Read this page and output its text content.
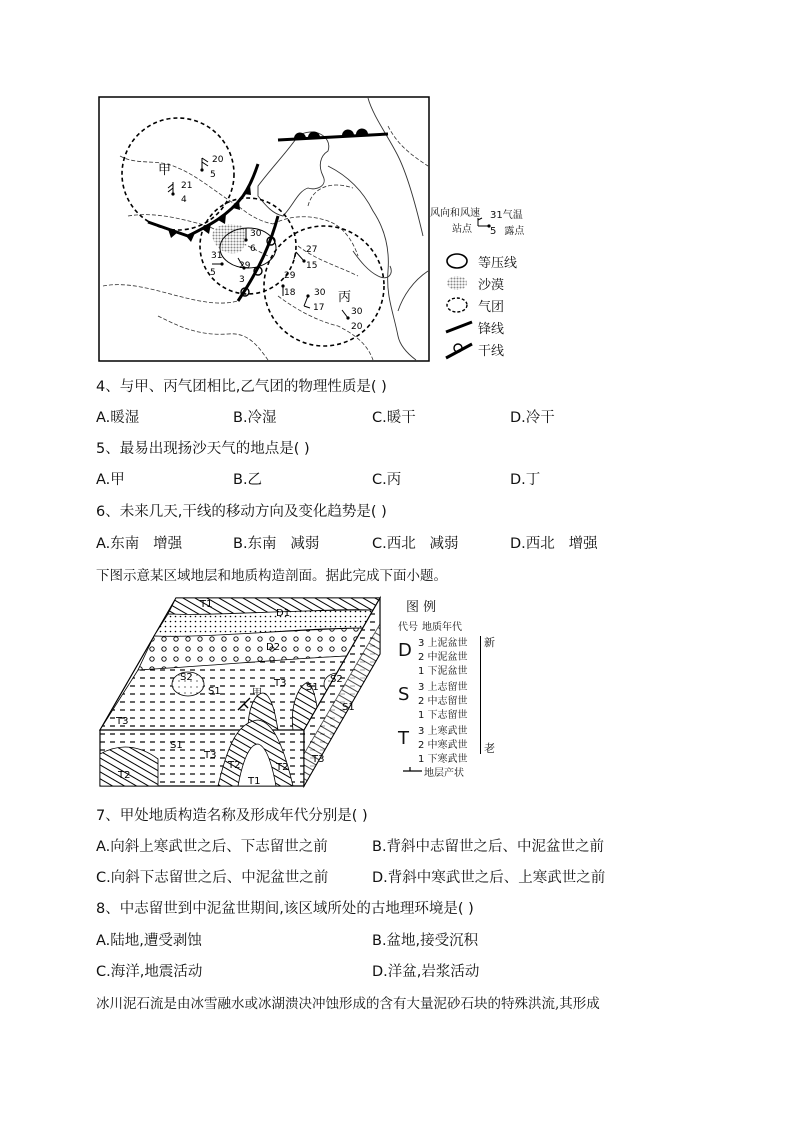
甲
丙
20
5
21
4
30
6
31
5
29
3
27
15
29
18 30
17	30
20
风向和风速
站点
31气温
5 露点
等压线
沙漠
气团
锋线
干线
4、与甲、丙气团相比,乙气团的物理性质是( )
A.暖湿	B.冷湿	C.暖干	D.冷干
5、最易出现扬沙天气的地点是( )
A.甲	B.乙	C.丙	D.丁
6、未来几天,干线的移动方向及变化趋势是( )
A.东南   增强	B.东南   减弱	C.西北   减弱	D.西北   增强
下图示意某区域地层和地质构造剖面。据此完成下面小题。
T1
D1
D2
S2
S1
S2
S1
S1
T3
甲
T3
S1
T3
T2
T1
T2
T2
T3
图 例
代号 地质年代
D 3 上泥盆世
2 中泥盆世
1 下泥盆世
S 3 上志留世
2 中志留世
1 下志留世
T 3 上寒武世
2 中寒武世
1 下寒武世
新
老
地层产状
7、甲处地质构造名称及形成年代分别是( )
A.向斜上寒武世之后、下志留世之前	B.背斜中志留世之后、中泥盆世之前
C.向斜下志留世之后、中泥盆世之前	D.背斜中寒武世之后、上寒武世之前
8、中志留世到中泥盆世期间,该区域所处的古地理环境是( )
A.陆地,遭受剥蚀	B.盆地,接受沉积
C.海洋,地震活动	D.洋盆,岩浆活动
冰川泥石流是由冰雪融水或冰湖溃决冲蚀形成的含有大量泥砂石块的特殊洪流,其形成
